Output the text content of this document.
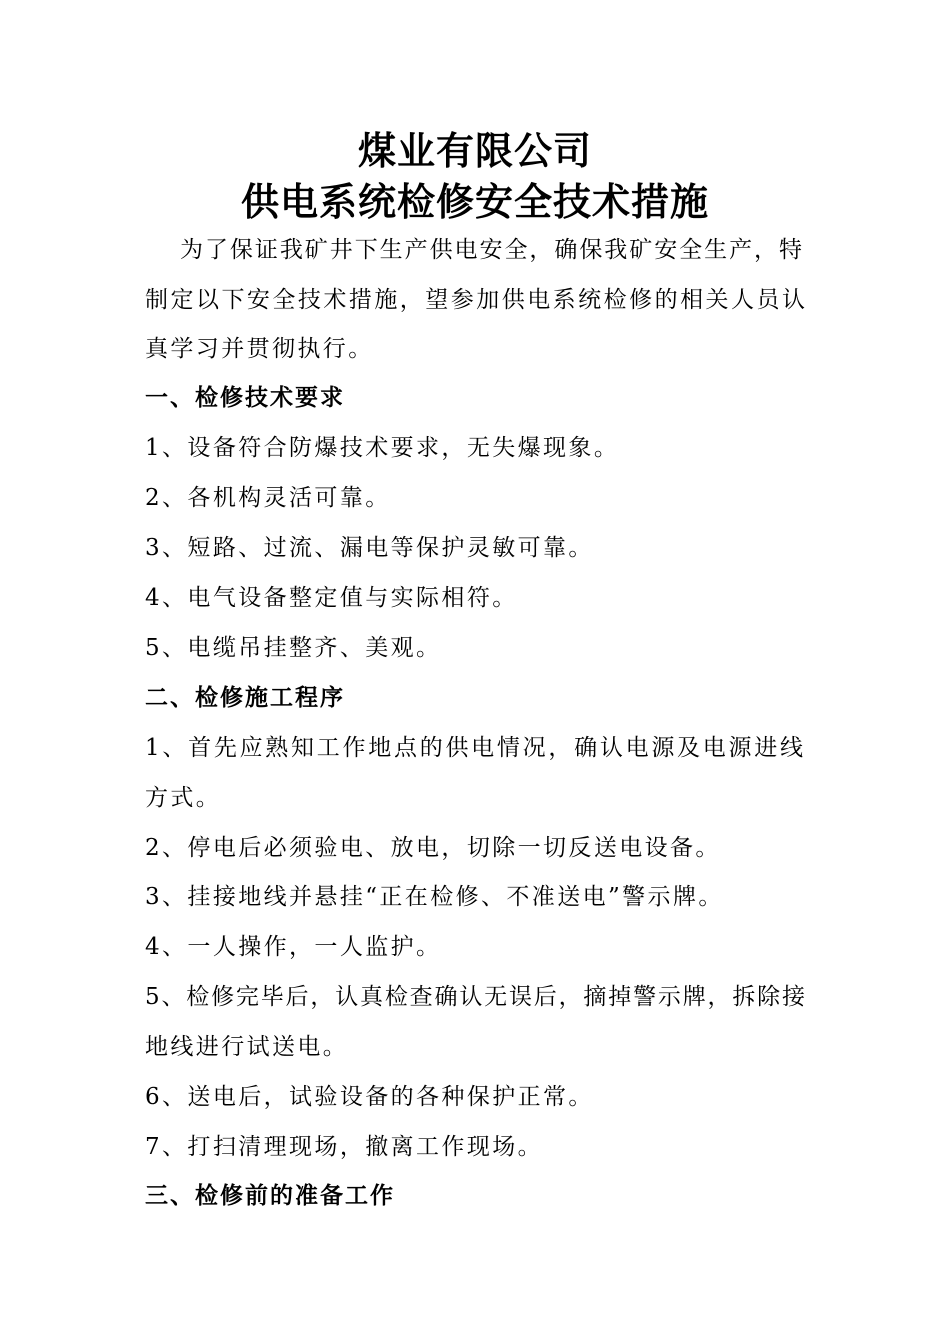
煤业有限公司
供电系统检修安全技术措施
为了保证我矿井下生产供电安全，确保我矿安全生产，特
制定以下安全技术措施，望参加供电系统检修的相关人员认
真学习并贯彻执行。
一、检修技术要求
1、设备符合防爆技术要求，无失爆现象。
2、各机构灵活可靠。
3、短路、过流、漏电等保护灵敏可靠。
4、电气设备整定值与实际相符。
5、电缆吊挂整齐、美观。
二、检修施工程序
1、首先应熟知工作地点的供电情况，确认电源及电源进线
方式。
2、停电后必须验电、放电，切除一切反送电设备。
3、挂接地线并悬挂“正在检修、不准送电”警示牌。
4、一人操作，一人监护。
5、检修完毕后，认真检查确认无误后，摘掉警示牌，拆除接
地线进行试送电。
6、送电后，试验设备的各种保护正常。
7、打扫清理现场，撤离工作现场。
三、检修前的准备工作
